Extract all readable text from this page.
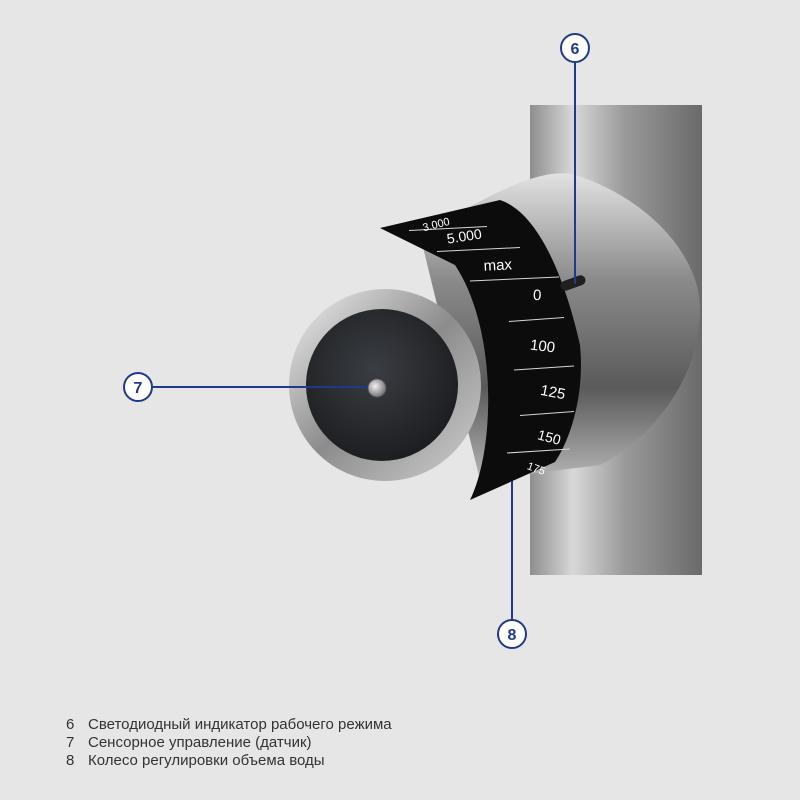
3.000
5.000
max
0
100
125
150
175
6
7
8
6 Светодиодный индикатор рабочего режима
7 Сенсорное управление (датчик)
8 Колесо регулировки объема воды
